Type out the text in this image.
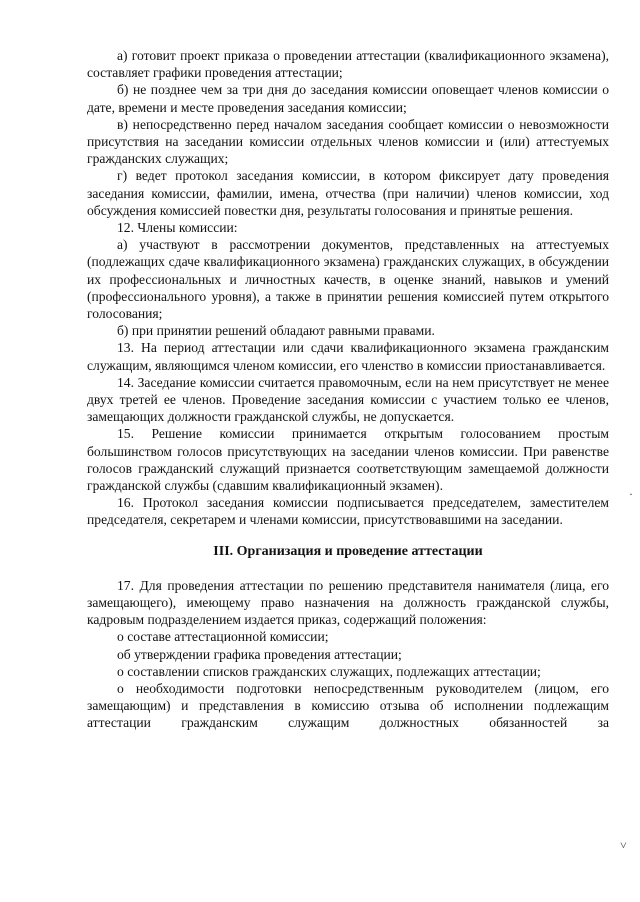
а) готовит проект приказа о проведении аттестации (квалификационного экзамена), составляет графики проведения аттестации;

б) не позднее чем за три дня до заседания комиссии оповещает членов комиссии о дате, времени и месте проведения заседания комиссии;

в) непосредственно перед началом заседания сообщает комиссии о невозможности присутствия на заседании комиссии отдельных членов комиссии и (или) аттестуемых гражданских служащих;

г) ведет протокол заседания комиссии, в котором фиксирует дату проведения заседания комиссии, фамилии, имена, отчества (при наличии) членов комиссии, ход обсуждения комиссией повестки дня, результаты голосования и принятые решения.

12. Члены комиссии:

а) участвуют в рассмотрении документов, представленных на аттестуемых (подлежащих сдаче квалификационного экзамена) гражданских служащих, в обсуждении их профессиональных и личностных качеств, в оценке знаний, навыков и умений (профессионального уровня), а также в принятии решения комиссией путем открытого голосования;

б) при принятии решений обладают равными правами.

13. На период аттестации или сдачи квалификационного экзамена гражданским служащим, являющимся членом комиссии, его членство в комиссии приостанавливается.

14. Заседание комиссии считается правомочным, если на нем присутствует не менее двух третей ее членов. Проведение заседания комиссии с участием только ее членов, замещающих должности гражданской службы, не допускается.

15. Решение комиссии принимается открытым голосованием простым большинством голосов присутствующих на заседании членов комиссии. При равенстве голосов гражданский служащий признается соответствующим замещаемой должности гражданской службы (сдавшим квалификационный экзамен).

16. Протокол заседания комиссии подписывается председателем, заместителем председателя, секретарем и членами комиссии, присутствовавшими на заседании.

III. Организация и проведение аттестации

17. Для проведения аттестации по решению представителя нанимателя (лица, его замещающего), имеющему право назначения на должность гражданской службы, кадровым подразделением издается приказ, содержащий положения:

о составе аттестационной комиссии;

об утверждении графика проведения аттестации;

о составлении списков гражданских служащих, подлежащих аттестации;

о необходимости подготовки непосредственным руководителем (лицом, его замещающим) и представления в комиссию отзыва об исполнении подлежащим аттестации гражданским служащим должностных обязанностей за

·
˅
